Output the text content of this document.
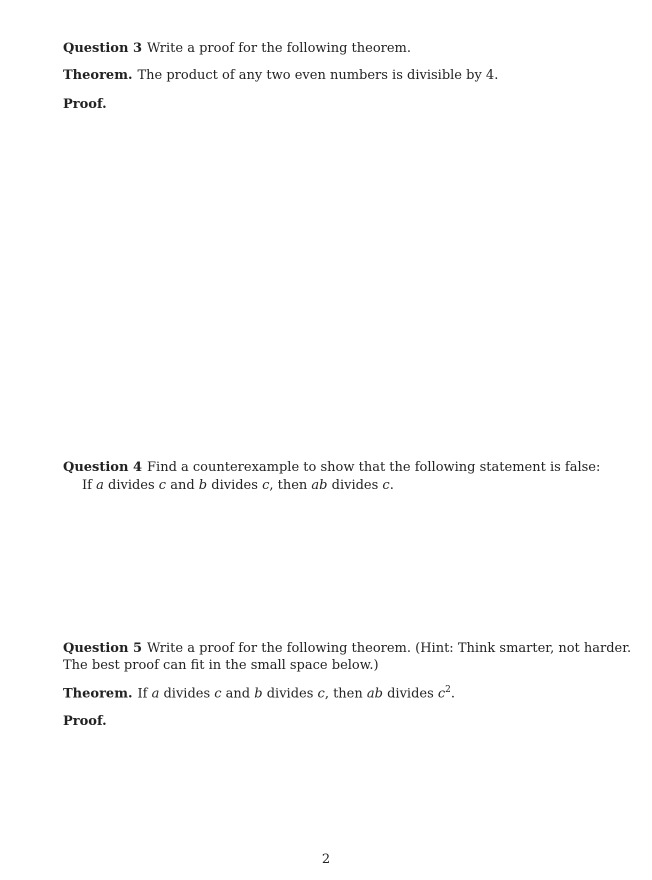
Question 3 Write a proof for the following theorem.
Theorem. The product of any two even numbers is divisible by 4.
Proof.
Question 4 Find a counterexample to show that the following statement is false:
If a divides c and b divides c, then ab divides c.
Question 5 Write a proof for the following theorem. (Hint: Think smarter, not harder.
The best proof can fit in the small space below.)
Theorem. If a divides c and b divides c, then ab divides $c^2$.
Proof.
2
